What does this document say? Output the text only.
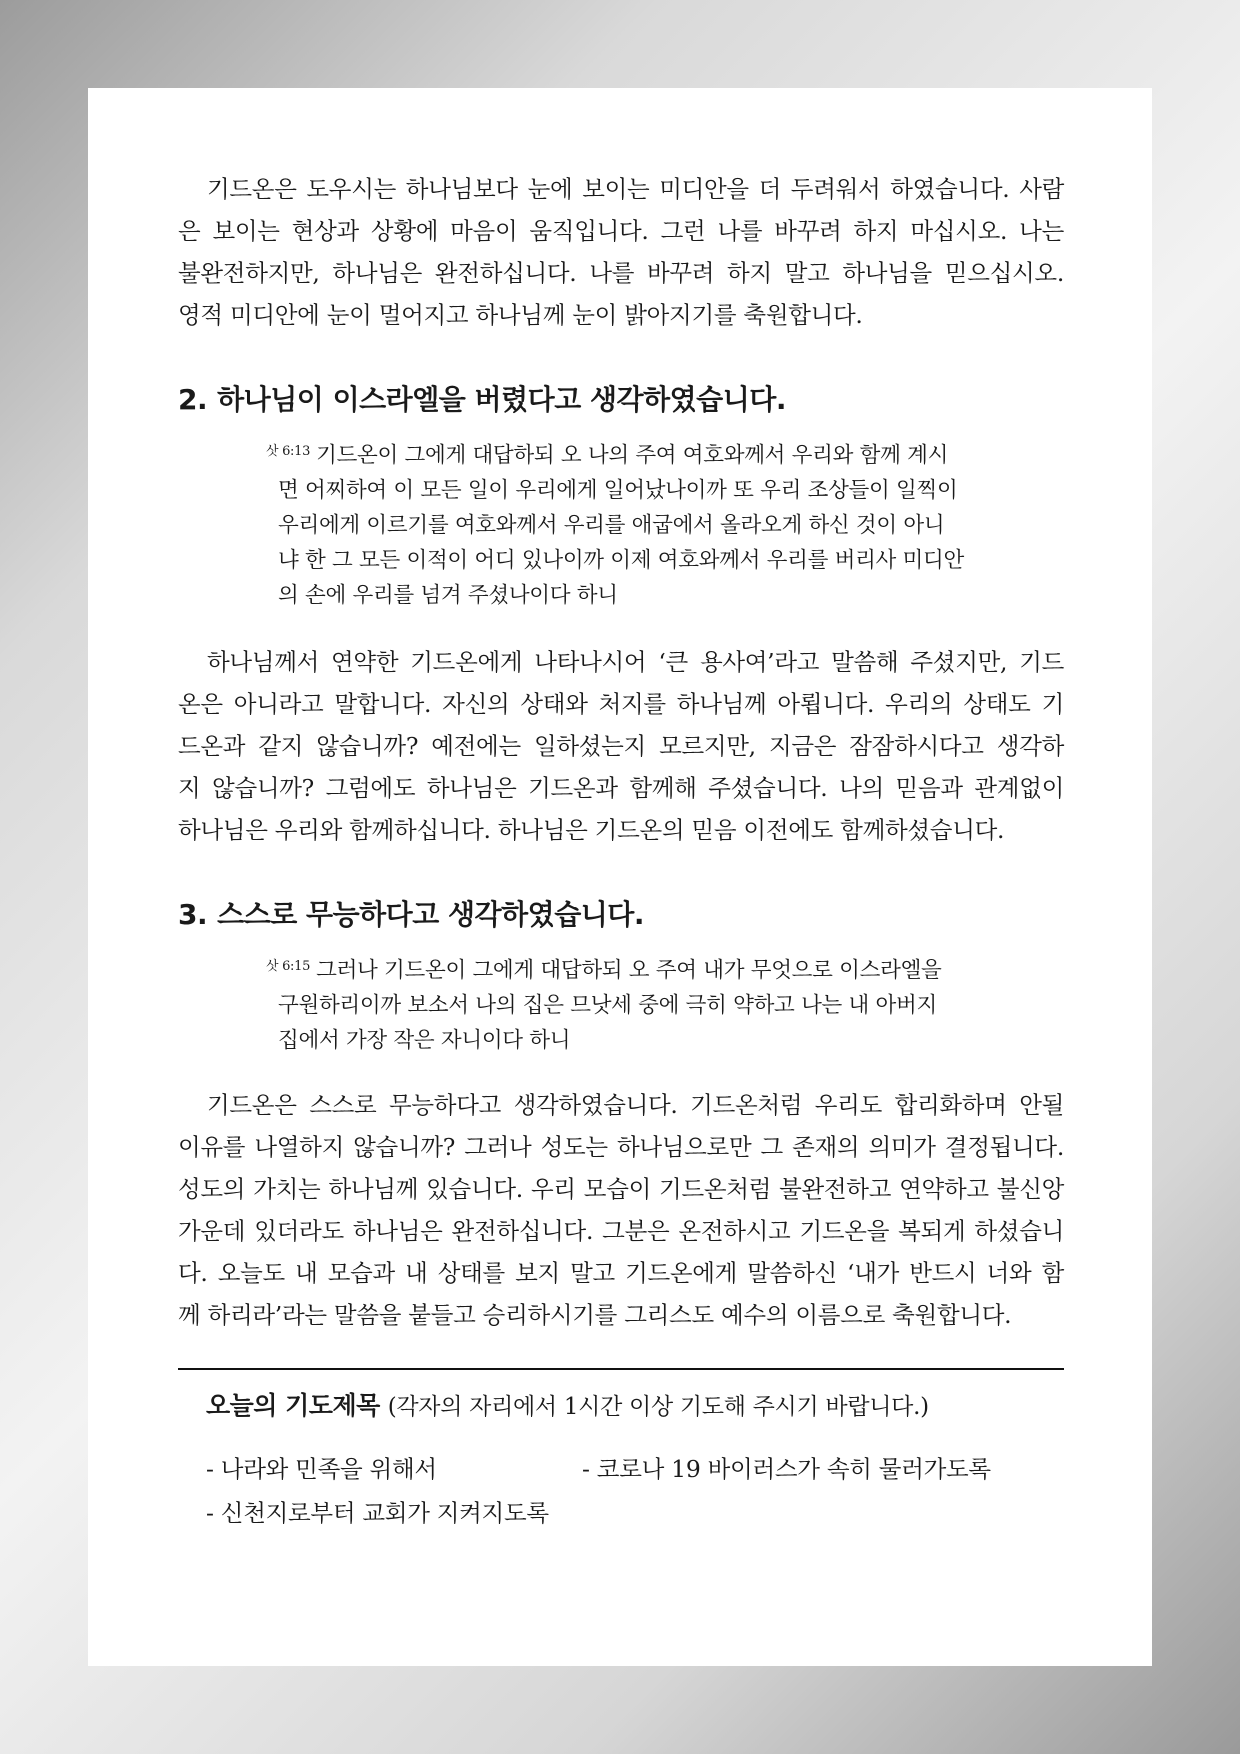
기드온은 도우시는 하나님보다 눈에 보이는 미디안을 더 두려워서 하였습니다. 사람
은 보이는 현상과 상황에 마음이 움직입니다. 그런 나를 바꾸려 하지 마십시오. 나는
불완전하지만, 하나님은 완전하십니다. 나를 바꾸려 하지 말고 하나님을 믿으십시오.
영적 미디안에 눈이 멀어지고 하나님께 눈이 밝아지기를 축원합니다.

2. 하나님이 이스라엘을 버렸다고 생각하였습니다.
$^{삿 6:13}$ 기드온이 그에게 대답하되 오 나의 주여 여호와께서 우리와 함께 계시
면 어찌하여 이 모든 일이 우리에게 일어났나이까 또 우리 조상들이 일찍이
우리에게 이르기를 여호와께서 우리를 애굽에서 올라오게 하신 것이 아니
냐 한 그 모든 이적이 어디 있나이까 이제 여호와께서 우리를 버리사 미디안
의 손에 우리를 넘겨 주셨나이다 하니

하나님께서 연약한 기드온에게 나타나시어 ‘큰 용사여’라고 말씀해 주셨지만, 기드
온은 아니라고 말합니다. 자신의 상태와 처지를 하나님께 아룁니다. 우리의 상태도 기
드온과 같지 않습니까? 예전에는 일하셨는지 모르지만, 지금은 잠잠하시다고 생각하
지 않습니까? 그럼에도 하나님은 기드온과 함께해 주셨습니다. 나의 믿음과 관계없이
하나님은 우리와 함께하십니다. 하나님은 기드온의 믿음 이전에도 함께하셨습니다.

3. 스스로 무능하다고 생각하였습니다.
$^{삿 6:15}$ 그러나 기드온이 그에게 대답하되 오 주여 내가 무엇으로 이스라엘을
구원하리이까 보소서 나의 집은 므낫세 중에 극히 약하고 나는 내 아버지
집에서 가장 작은 자니이다 하니

기드온은 스스로 무능하다고 생각하였습니다. 기드온처럼 우리도 합리화하며 안될
이유를 나열하지 않습니까? 그러나 성도는 하나님으로만 그 존재의 의미가 결정됩니다.
성도의 가치는 하나님께 있습니다. 우리 모습이 기드온처럼 불완전하고 연약하고 불신앙
가운데 있더라도 하나님은 완전하십니다. 그분은 온전하시고 기드온을 복되게 하셨습니
다. 오늘도 내 모습과 내 상태를 보지 말고 기드온에게 말씀하신 ‘내가 반드시 너와 함
께 하리라’라는 말씀을 붙들고 승리하시기를 그리스도 예수의 이름으로 축원합니다.

오늘의 기도제목 (각자의 자리에서 1시간 이상 기도해 주시기 바랍니다.)

- 나라와 민족을 위해서	- 코로나 19 바이러스가 속히 물러가도록
- 신천지로부터 교회가 지켜지도록
